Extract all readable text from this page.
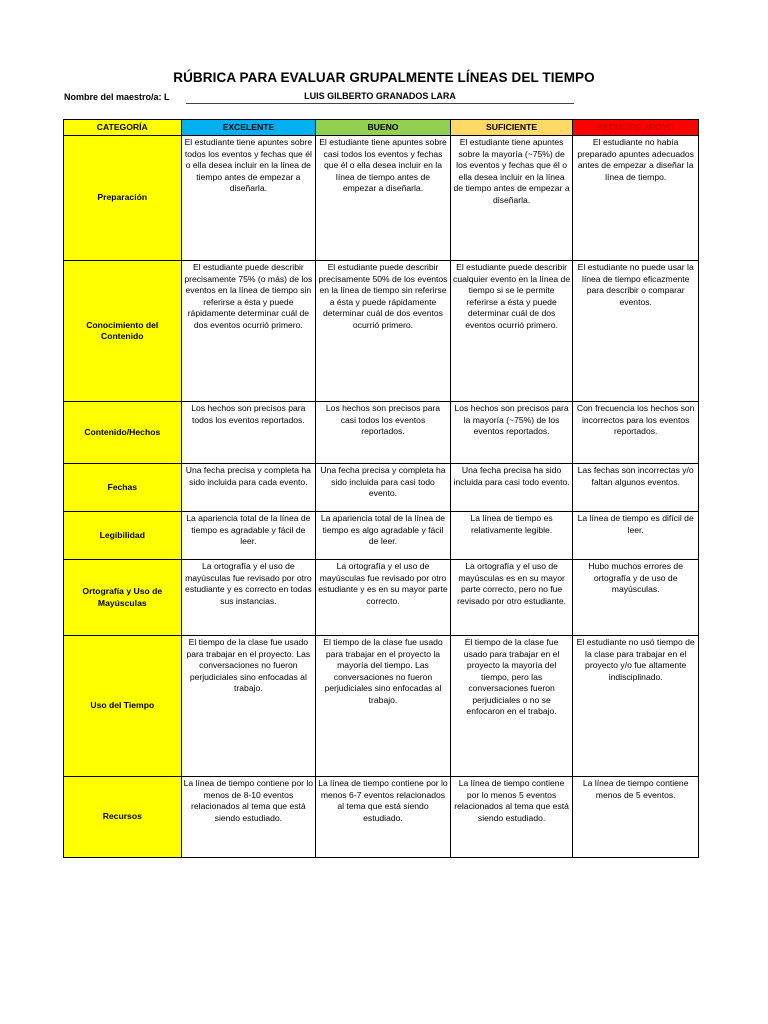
RÚBRICA PARA EVALUAR GRUPALMENTE LÍNEAS DEL TIEMPO
Nombre del maestro/a: L	LUIS GILBERTO GRANADOS LARA
CATEGORÍA	EXCELENTE	BUENO	SUFICIENTE	REQUIERE APOYO
Preparación	El estudiante tiene apuntes sobre todos los eventos y fechas que él o ella desea incluir en la línea de tiempo antes de empezar a diseñarla.	El estudiante tiene apuntes sobre casi todos los eventos y fechas que él o ella desea incluir en la línea de tiempo antes de empezar a diseñarla.	El estudiante tiene apuntes sobre la mayoría (~75%) de los eventos y fechas que él o ella desea incluir en la línea de tiempo antes de empezar a diseñarla.	El estudiante no había preparado apuntes adecuados antes de empezar a diseñar la línea de tiempo.
Conocimiento del Contenido	El estudiante puede describir precisamente 75% (o más) de los eventos en la línea de tiempo sin referirse a ésta y puede rápidamente determinar cuál de dos eventos ocurrió primero.	El estudiante puede describir precisamente 50% de los eventos en la línea de tiempo sin referirse a ésta y puede rápidamente determinar cuál de dos eventos ocurrió primero.	El estudiante puede describir cualquier evento en la línea de tiempo si se le permite referirse a ésta y puede determinar cuál de dos eventos ocurrió primero.	El estudiante no puede usar la línea de tiempo eficazmente para describir o comparar eventos.
Contenido/Hechos	Los hechos son precisos para todos los eventos reportados.	Los hechos son precisos para casi todos los eventos reportados.	Los hechos son precisos para la mayoría (~75%) de los eventos reportados.	Con frecuencia los hechos son incorrectos para los eventos reportados.
Fechas	Una fecha precisa y completa ha sido incluida para cada evento.	Una fecha precisa y completa ha sido incluida para casi todo evento.	Una fecha precisa ha sido incluida para casi todo evento.	Las fechas son incorrectas y/o faltan algunos eventos.
Legibilidad	La apariencia total de la línea de tiempo es agradable y fácil de leer.	La apariencia total de la línea de tiempo es algo agradable y fácil de leer.	La línea de tiempo es relativamente legible.	La línea de tiempo es difícil de leer.
Ortografía y Uso de Mayúsculas	La ortografía y el uso de mayúsculas fue revisado por otro estudiante y es correcto en todas sus instancias.	La ortografía y el uso de mayúsculas fue revisado por otro estudiante y es en su mayor parte correcto.	La ortografía y el uso de mayúsculas es en su mayor parte correcto, pero no fue revisado por otro estudiante.	Hubo muchos errores de ortografía y de uso de mayúsculas.
Uso del Tiempo	El tiempo de la clase fue usado para trabajar en el proyecto. Las conversaciones no fueron perjudiciales sino enfocadas al trabajo.	El tiempo de la clase fue usado para trabajar en el proyecto la mayoría del tiempo. Las conversaciones no fueron perjudiciales sino enfocadas al trabajo.	El tiempo de la clase fue usado para trabajar en el proyecto la mayoría del tiempo, pero las conversaciones fueron perjudiciales o no se enfocaron en el trabajo.	El estudiante no usó tiempo de la clase para trabajar en el proyecto y/o fue altamente indisciplinado.
Recursos	La línea de tiempo contiene por lo menos de 8-10 eventos relacionados al tema que está siendo estudiado.	La línea de tiempo contiene por lo menos 6-7 eventos relacionados al tema que está siendo estudiado.	La línea de tiempo contiene por lo menos 5 eventos relacionados al tema que está siendo estudiado.	La línea de tiempo contiene menos de 5 eventos.
